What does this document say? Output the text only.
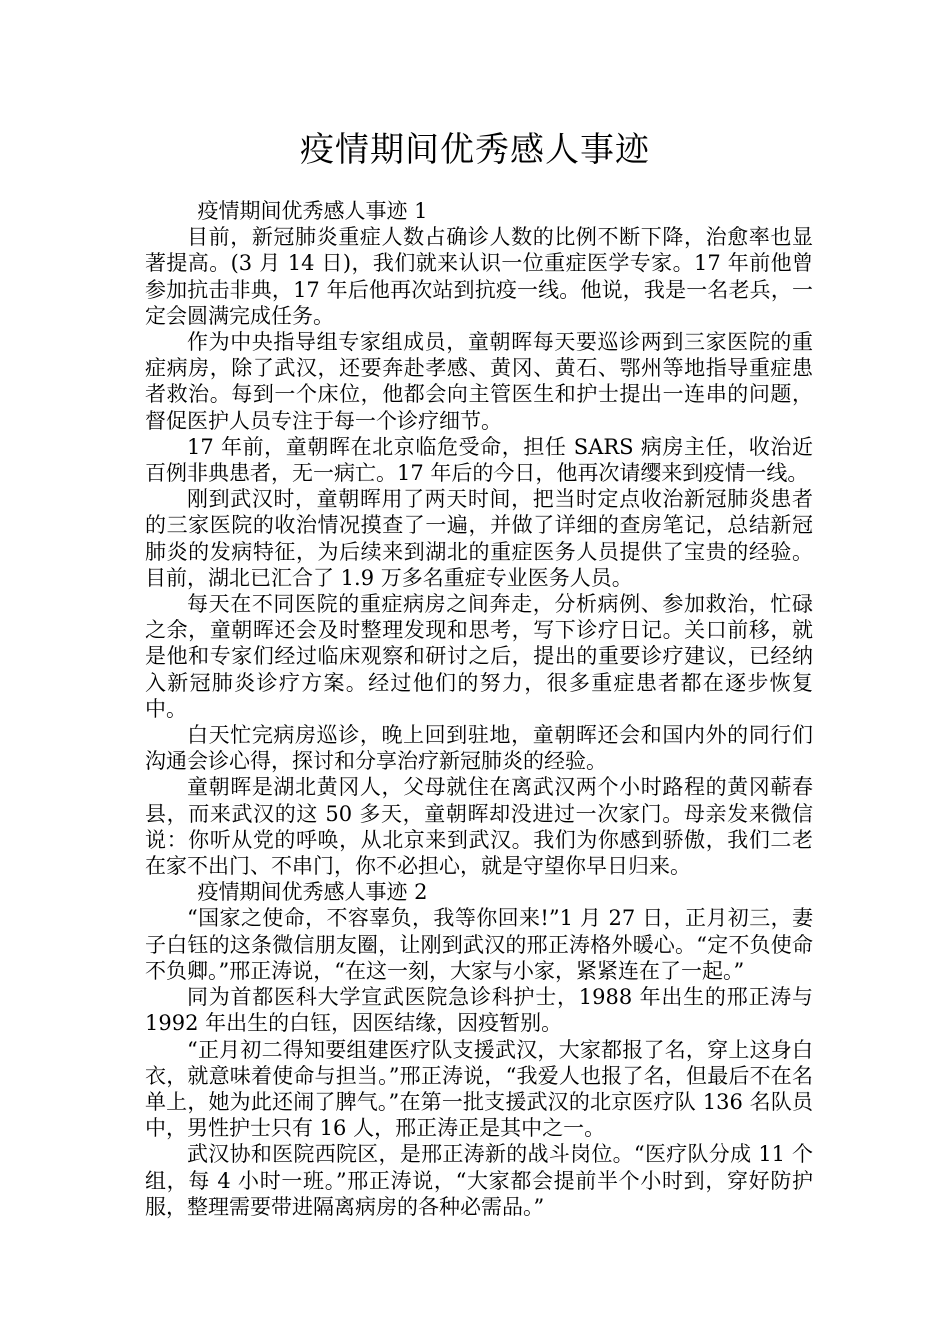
疫情期间优秀感人事迹

疫情期间优秀感人事迹 1

目前，新冠肺炎重症人数占确诊人数的比例不断下降，治愈率也显著提高。(3 月 14 日)，我们就来认识一位重症医学专家。17 年前他曾参加抗击非典，17 年后他再次站到抗疫一线。他说，我是一名老兵，一定会圆满完成任务。

作为中央指导组专家组成员，童朝晖每天要巡诊两到三家医院的重症病房，除了武汉，还要奔赴孝感、黄冈、黄石、鄂州等地指导重症患者救治。每到一个床位，他都会向主管医生和护士提出一连串的问题，督促医护人员专注于每一个诊疗细节。

17 年前，童朝晖在北京临危受命，担任 SARS 病房主任，收治近百例非典患者，无一病亡。17 年后的今日，他再次请缨来到疫情一线。

刚到武汉时，童朝晖用了两天时间，把当时定点收治新冠肺炎患者的三家医院的收治情况摸查了一遍，并做了详细的查房笔记，总结新冠肺炎的发病特征，为后续来到湖北的重症医务人员提供了宝贵的经验。目前，湖北已汇合了 1.9 万多名重症专业医务人员。

每天在不同医院的重症病房之间奔走，分析病例、参加救治，忙碌之余，童朝晖还会及时整理发现和思考，写下诊疗日记。关口前移，就是他和专家们经过临床观察和研讨之后，提出的重要诊疗建议，已经纳入新冠肺炎诊疗方案。经过他们的努力，很多重症患者都在逐步恢复中。

白天忙完病房巡诊，晚上回到驻地，童朝晖还会和国内外的同行们沟通会诊心得，探讨和分享治疗新冠肺炎的经验。

童朝晖是湖北黄冈人，父母就住在离武汉两个小时路程的黄冈蕲春县，而来武汉的这 50 多天，童朝晖却没进过一次家门。母亲发来微信说：你听从党的呼唤，从北京来到武汉。我们为你感到骄傲，我们二老在家不出门、不串门，你不必担心，就是守望你早日归来。

疫情期间优秀感人事迹 2

“国家之使命，不容辜负，我等你回来!”1 月 27 日，正月初三，妻子白钰的这条微信朋友圈，让刚到武汉的邢正涛格外暖心。“定不负使命不负卿。”邢正涛说，“在这一刻，大家与小家，紧紧连在了一起。”

同为首都医科大学宣武医院急诊科护士，1988 年出生的邢正涛与 1992 年出生的白钰，因医结缘，因疫暂别。

“正月初二得知要组建医疗队支援武汉，大家都报了名，穿上这身白衣，就意味着使命与担当。”邢正涛说，“我爱人也报了名，但最后不在名单上，她为此还闹了脾气。”在第一批支援武汉的北京医疗队 136 名队员中，男性护士只有 16 人，邢正涛正是其中之一。

武汉协和医院西院区，是邢正涛新的战斗岗位。“医疗队分成 11 个组，每 4 小时一班。”邢正涛说，“大家都会提前半个小时到，穿好防护服，整理需要带进隔离病房的各种必需品。”
